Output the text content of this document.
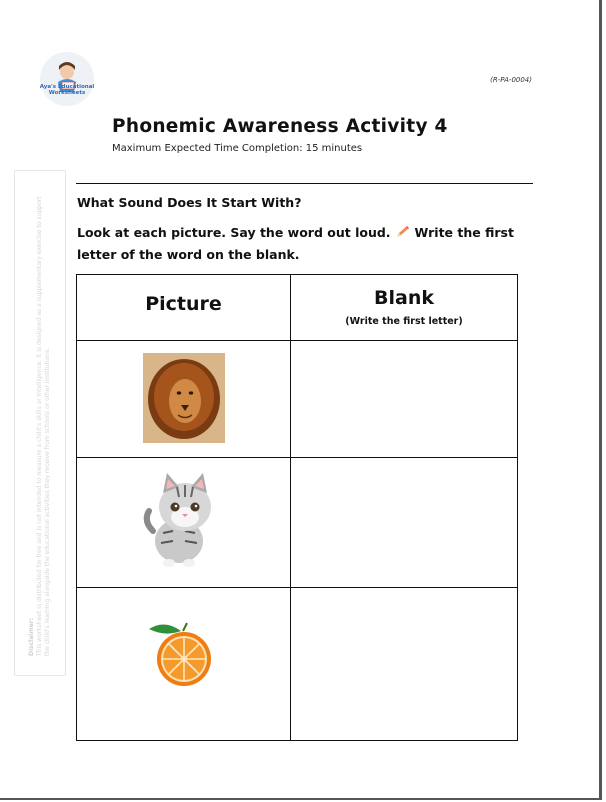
Aya's Educational
Worksheets
(R-PA-0004)
Phonemic Awareness Activity 4
Maximum Expected Time Completion: 15 minutes
What Sound Does It Start With?
Look at each picture. Say the word out loud. Write the first letter of the word on the blank.
Picture	Blank
(Write the first letter)
Disclaimer:
This worksheet is distributed for free and is not intended to measure a child's skills or intelligence. It is designed as a supplementary exercise to support the child's learning alongside the educational activities they receive from schools or other institutions.
